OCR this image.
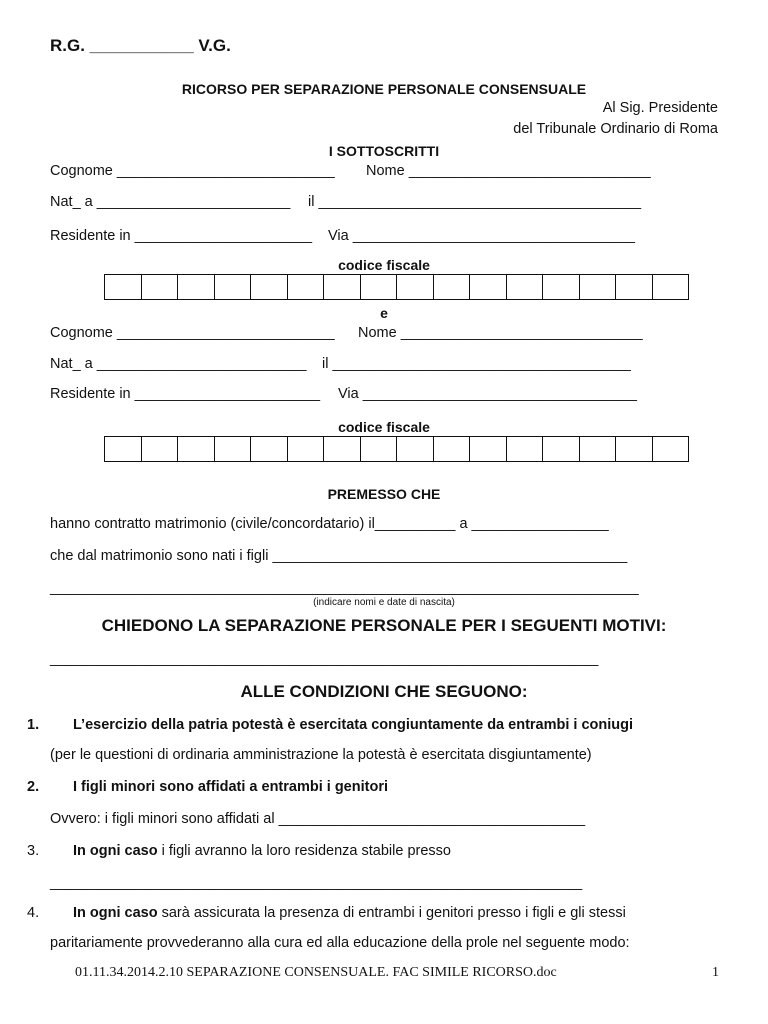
R.G. ___________ V.G.
RICORSO PER SEPARAZIONE PERSONALE CONSENSUALE
Al Sig. Presidente
del Tribunale Ordinario di Roma
I SOTTOSCRITTI
Cognome ___________________________ Nome ______________________________
Nat_ a ________________________ il ________________________________________
Residente in ______________________ Via ___________________________________
codice fiscale
e
Cognome ___________________________ Nome ______________________________
Nat_ a __________________________ il _____________________________________
Residente in _______________________ Via __________________________________
codice fiscale
PREMESSO CHE
hanno contratto matrimonio (civile/concordatario) il__________ a _________________
che dal matrimonio sono nati i figli ____________________________________________
_________________________________________________________________________
(indicare nomi e date di nascita)
CHIEDONO LA SEPARAZIONE PERSONALE PER I SEGUENTI MOTIVI:
____________________________________________________________________
ALLE CONDIZIONI CHE SEGUONO:
1. L’esercizio della patria potestà è esercitata congiuntamente da entrambi i coniugi
(per le questioni di ordinaria amministrazione la potestà è esercitata disgiuntamente)
2. I figli minori sono affidati a entrambi i genitori
Ovvero: i figli minori sono affidati al ______________________________________
3. In ogni caso i figli avranno la loro residenza stabile presso
__________________________________________________________________
4. In ogni caso sarà assicurata la presenza di entrambi i genitori presso i figli e gli stessi
paritariamente provvederanno alla cura ed alla educazione della prole nel seguente modo:
01.11.34.2014.2.10 SEPARAZIONE CONSENSUALE. FAC SIMILE RICORSO.doc	1
